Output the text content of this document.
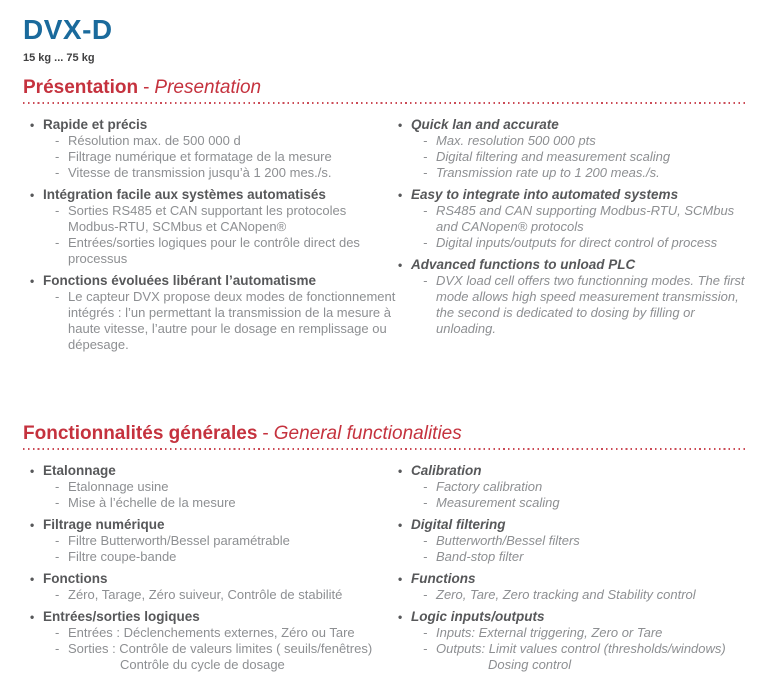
DVX-D
15 kg ... 75 kg
Présentation - Presentation
• Rapide et précis
- Résolution max. de 500 000 d
- Filtrage numérique et formatage de la mesure
- Vitesse de transmission jusqu’à 1 200 mes./s.
• Intégration facile aux systèmes automatisés
- Sorties RS485 et CAN supportant les protocoles Modbus-RTU, SCMbus et CANopen®
- Entrées/sorties logiques pour le contrôle direct des processus
• Fonctions évoluées libérant l’automatisme
- Le capteur DVX propose deux modes de fonctionnement intégrés : l’un permettant la transmission de la mesure à haute vitesse, l’autre pour le dosage en remplissage ou dépesage.
• Quick lan and accurate
- Max. resolution 500 000 pts
- Digital filtering and measurement scaling
- Transmission rate up to 1 200 meas./s.
• Easy to integrate into automated systems
- RS485 and CAN supporting Modbus-RTU, SCMbus and CANopen® protocols
- Digital inputs/outputs for direct control of process
• Advanced functions to unload PLC
- DVX load cell offers two functionning modes. The first mode allows high speed measurement transmission, the second is dedicated to dosing by filling or unloading.
Fonctionnalités générales - General functionalities
• Etalonnage
- Etalonnage usine
- Mise à l’échelle de la mesure
• Filtrage numérique
- Filtre Butterworth/Bessel paramétrable
- Filtre coupe-bande
• Fonctions
- Zéro, Tarage, Zéro suiveur, Contrôle de stabilité
• Entrées/sorties logiques
- Entrées : Déclenchements externes, Zéro ou Tare
- Sorties : Contrôle de valeurs limites ( seuils/fenêtres)
Contrôle du cycle de dosage
• Calibration
- Factory calibration
- Measurement scaling
• Digital filtering
- Butterworth/Bessel filters
- Band-stop filter
• Functions
- Zero, Tare, Zero tracking and Stability control
• Logic inputs/outputs
- Inputs: External triggering, Zero or Tare
- Outputs: Limit values control (thresholds/windows)
Dosing control
